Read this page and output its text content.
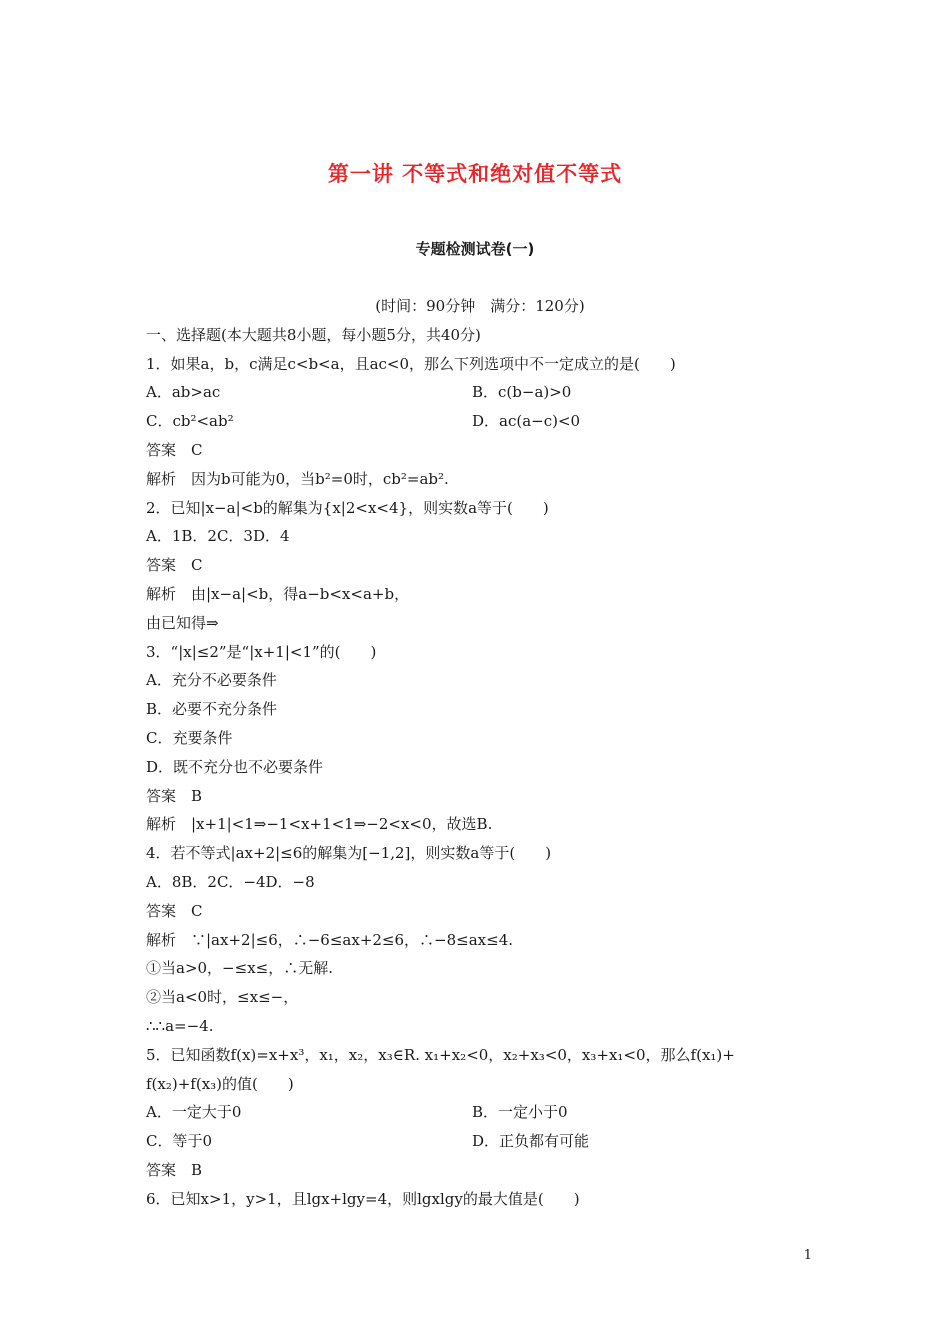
第一讲 不等式和绝对值不等式
专题检测试卷(一)
(时间：90分钟　满分：120分)
一、选择题(本大题共8小题，每小题5分，共40分)
1．如果a，b，c满足c<b<a，且ac<0，那么下列选项中不一定成立的是(　　)
A．ab>ac	B．c(b−a)>0
C．cb²<ab²	D．ac(a−c)<0
答案　C
解析　因为b可能为0，当b²=0时，cb²=ab².
2．已知|x−a|<b的解集为{x|2<x<4}，则实数a等于(　　)
A．1B．2C．3D．4
答案　C
解析　由|x−a|<b，得a−b<x<a+b，
由已知得⇒
3．“|x|≤2”是“|x+1|<1”的(　　)
A．充分不必要条件
B．必要不充分条件
C．充要条件
D．既不充分也不必要条件
答案　B
解析　|x+1|<1⇒−1<x+1<1⇒−2<x<0，故选B.
4．若不等式|ax+2|≤6的解集为[−1,2]，则实数a等于(　　)
A．8B．2C．−4D．−8
答案　C
解析　∵|ax+2|≤6，∴−6≤ax+2≤6，∴−8≤ax≤4.
①当a>0，−≤x≤，∴无解.
②当a<0时，≤x≤−，
∴∴a=−4.
5．已知函数f(x)=x+x³，x₁，x₂，x₃∈R. x₁+x₂<0，x₂+x₃<0，x₃+x₁<0，那么f(x₁)+
f(x₂)+f(x₃)的值(　　)
A．一定大于0	B．一定小于0
C．等于0	D．正负都有可能
答案　B
6．已知x>1，y>1，且lgx+lgy=4，则lgxlgy的最大值是(　　)
1
